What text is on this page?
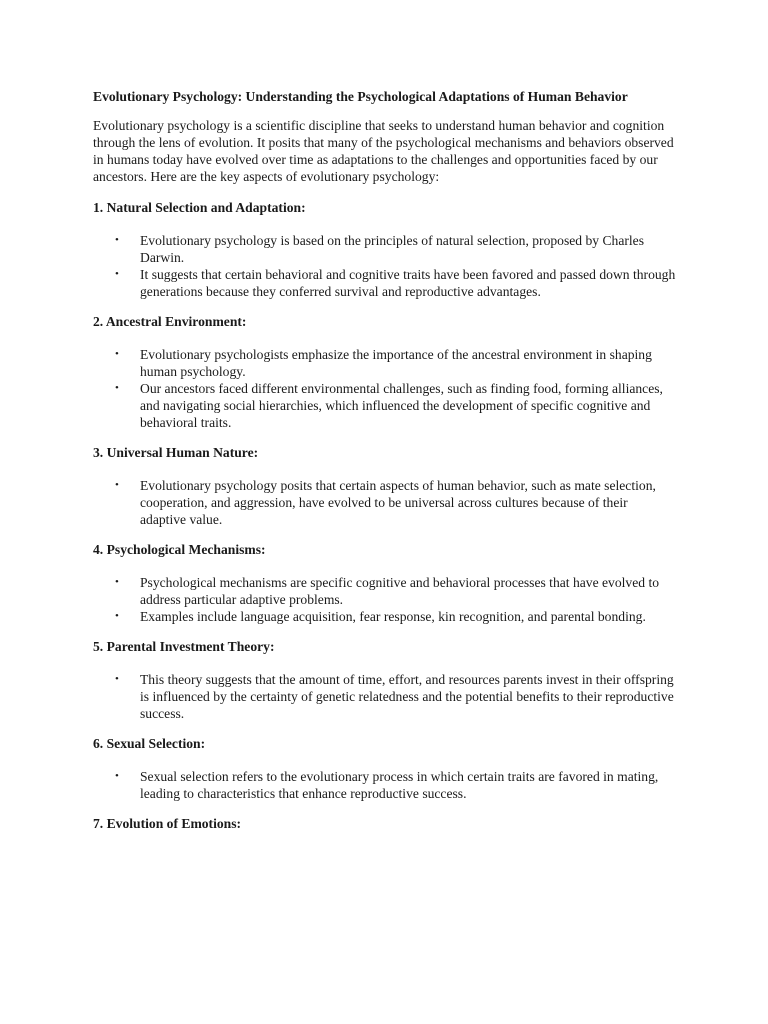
Evolutionary Psychology: Understanding the Psychological Adaptations of Human Behavior
Evolutionary psychology is a scientific discipline that seeks to understand human behavior and cognition through the lens of evolution. It posits that many of the psychological mechanisms and behaviors observed in humans today have evolved over time as adaptations to the challenges and opportunities faced by our ancestors. Here are the key aspects of evolutionary psychology:
1. Natural Selection and Adaptation:
• Evolutionary psychology is based on the principles of natural selection, proposed by Charles Darwin.
• It suggests that certain behavioral and cognitive traits have been favored and passed down through generations because they conferred survival and reproductive advantages.
2. Ancestral Environment:
• Evolutionary psychologists emphasize the importance of the ancestral environment in shaping human psychology.
• Our ancestors faced different environmental challenges, such as finding food, forming alliances, and navigating social hierarchies, which influenced the development of specific cognitive and behavioral traits.
3. Universal Human Nature:
• Evolutionary psychology posits that certain aspects of human behavior, such as mate selection, cooperation, and aggression, have evolved to be universal across cultures because of their adaptive value.
4. Psychological Mechanisms:
• Psychological mechanisms are specific cognitive and behavioral processes that have evolved to address particular adaptive problems.
• Examples include language acquisition, fear response, kin recognition, and parental bonding.
5. Parental Investment Theory:
• This theory suggests that the amount of time, effort, and resources parents invest in their offspring is influenced by the certainty of genetic relatedness and the potential benefits to their reproductive success.
6. Sexual Selection:
• Sexual selection refers to the evolutionary process in which certain traits are favored in mating, leading to characteristics that enhance reproductive success.
7. Evolution of Emotions:
